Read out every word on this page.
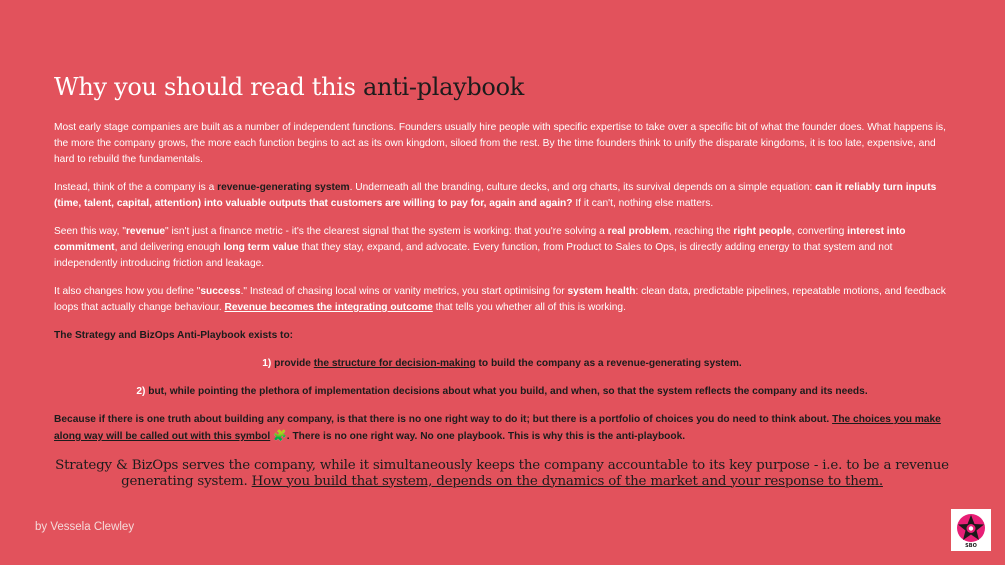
Why you should read this anti-playbook

Most early stage companies are built as a number of independent functions. Founders usually hire people with specific expertise to take over a specific bit of what the founder does. What happens is, the more the company grows, the more each function begins to act as its own kingdom, siloed from the rest. By the time founders think to unify the disparate kingdoms, it is too late, expensive, and hard to rebuild the fundamentals.

Instead, think of the a company is a revenue-generating system. Underneath all the branding, culture decks, and org charts, its survival depends on a simple equation: can it reliably turn inputs (time, talent, capital, attention) into valuable outputs that customers are willing to pay for, again and again? If it can't, nothing else matters.

Seen this way, "revenue" isn't just a finance metric - it's the clearest signal that the system is working: that you're solving a real problem, reaching the right people, converting interest into commitment, and delivering enough long term value that they stay, expand, and advocate. Every function, from Product to Sales to Ops, is directly adding energy to that system and not independently introducing friction and leakage.

It also changes how you define "success." Instead of chasing local wins or vanity metrics, you start optimising for system health: clean data, predictable pipelines, repeatable motions, and feedback loops that actually change behaviour. Revenue becomes the integrating outcome that tells you whether all of this is working.

The Strategy and BizOps Anti-Playbook exists to:

1) provide the structure for decision-making to build the company as a revenue-generating system.

2) but, while pointing the plethora of implementation decisions about what you build, and when, so that the system reflects the company and its needs.

Because if there is one truth about building any company, is that there is no one right way to do it; but there is a portfolio of choices you do need to think about. The choices you make along way will be called out with this symbol 🧩. There is no one right way. No one playbook. This is why this is the anti-playbook.

Strategy & BizOps serves the company, while it simultaneously keeps the company accountable to its key purpose - i.e. to be a revenue generating system. How you build that system, depends on the dynamics of the market and your response to them.

by Vessela Clewley
SBO
